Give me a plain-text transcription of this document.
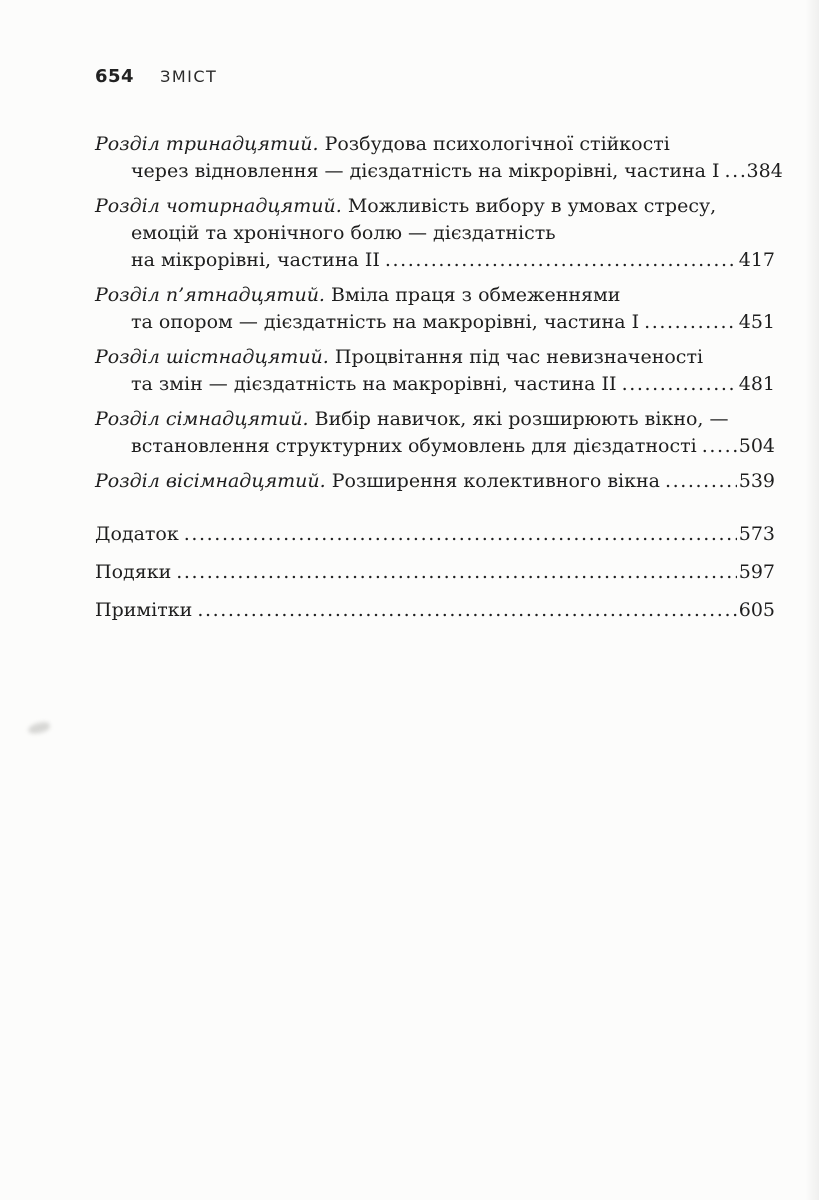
654 ЗМІСТ
Розділ тринадцятий. Розбудова психологічної стійкості
через відновлення — дієздатність на мікрорівні, частина I ..... 384
Розділ чотирнадцятий. Можливість вибору в умовах стресу,
емоцій та хронічного болю — дієздатність
на мікрорівні, частина II .....	417
Розділ п’ятнадцятий. Вміла праця з обмеженнями
та опором — дієздатність на макрорівні, частина I .....	451
Розділ шістнадцятий. Процвітання під час невизначеності
та змін — дієздатність на макрорівні, частина II .....	481
Розділ сімнадцятий. Вибір навичок, які розширюють вікно, —
встановлення структурних обумовлень для дієздатності ..... 504
Розділ вісімнадцятий. Розширення колективного вікна .....	539
Додаток .....	573
Подяки .....	597
Примітки .....	605
